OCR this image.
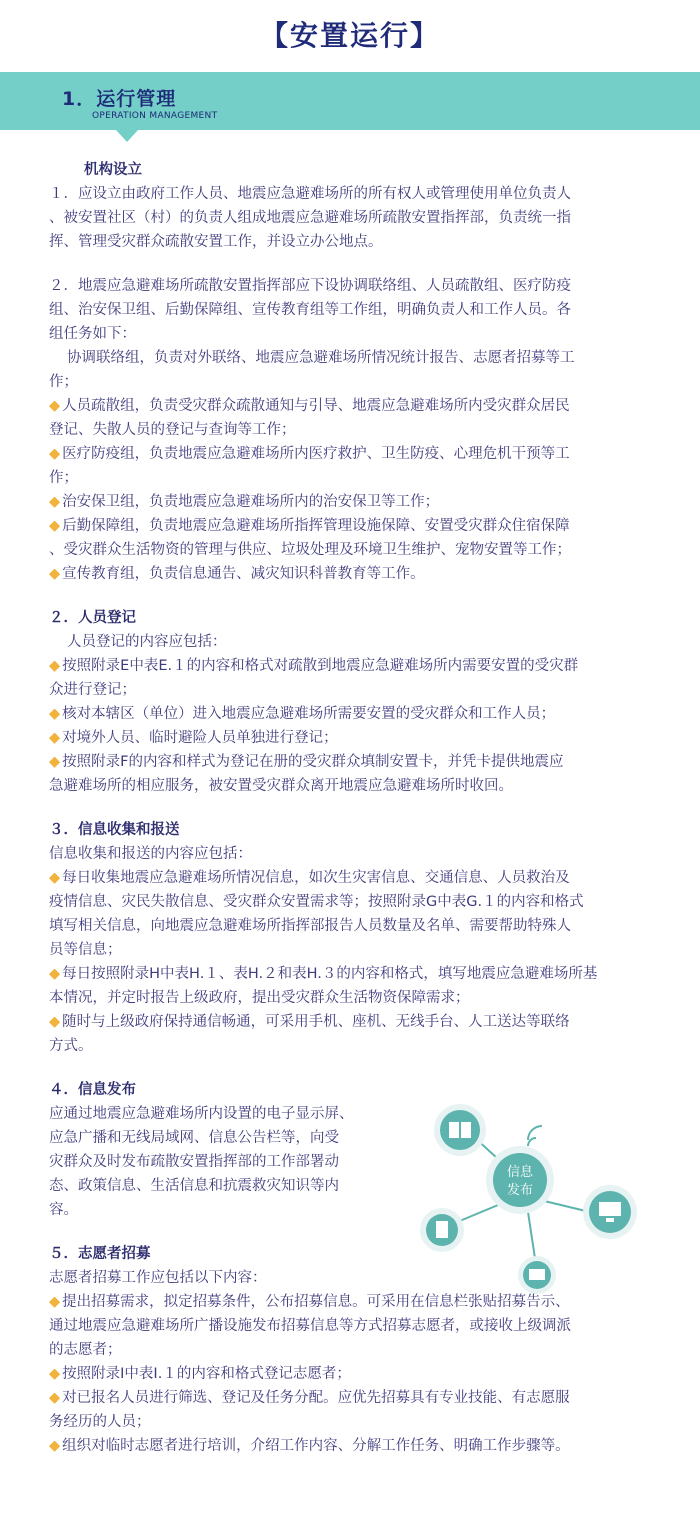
【安置运行】
1．运行管理
OPERATION MANAGEMENT
机构设立
１．应设立由政府工作人员、地震应急避难场所的所有权人或管理使用单位负责人
、被安置社区（村）的负责人组成地震应急避难场所疏散安置指挥部，负责统一指
挥、管理受灾群众疏散安置工作，并设立办公地点。
２．地震应急避难场所疏散安置指挥部应下设协调联络组、人员疏散组、医疗防疫
组、治安保卫组、后勤保障组、宣传教育组等工作组，明确负责人和工作人员。各
组任务如下：
协调联络组，负责对外联络、地震应急避难场所情况统计报告、志愿者招募等工
作；
◆ 人员疏散组，负责受灾群众疏散通知与引导、地震应急避难场所内受灾群众居民
登记、失散人员的登记与查询等工作；
◆ 医疗防疫组，负责地震应急避难场所内医疗救护、卫生防疫、心理危机干预等工
作；
◆ 治安保卫组，负责地震应急避难场所内的治安保卫等工作；
◆ 后勤保障组，负责地震应急避难场所指挥管理设施保障、安置受灾群众住宿保障
、受灾群众生活物资的管理与供应、垃圾处理及环境卫生维护、宠物安置等工作；
◆ 宣传教育组，负责信息通告、减灾知识科普教育等工作。
２．人员登记
人员登记的内容应包括：
◆ 按照附录E中表E.１的内容和格式对疏散到地震应急避难场所内需要安置的受灾群
众进行登记；
◆ 核对本辖区（单位）进入地震应急避难场所需要安置的受灾群众和工作人员；
◆ 对境外人员、临时避险人员单独进行登记；
◆ 按照附录F的内容和样式为登记在册的受灾群众填制安置卡，并凭卡提供地震应
急避难场所的相应服务，被安置受灾群众离开地震应急避难场所时收回。
３．信息收集和报送
信息收集和报送的内容应包括：
◆ 每日收集地震应急避难场所情况信息，如次生灾害信息、交通信息、人员救治及
疫情信息、灾民失散信息、受灾群众安置需求等；按照附录G中表G.１的内容和格式
填写相关信息，向地震应急避难场所指挥部报告人员数量及名单、需要帮助特殊人
员等信息；
◆ 每日按照附录H中表H.１、表H.２和表H.３的内容和格式，填写地震应急避难场所基
本情况，并定时报告上级政府，提出受灾群众生活物资保障需求；
◆ 随时与上级政府保持通信畅通，可采用手机、座机、无线手台、人工送达等联络
方式。
４．信息发布
应通过地震应急避难场所内设置的电子显示屏、
应急广播和无线局域网、信息公告栏等，向受
灾群众及时发布疏散安置指挥部的工作部署动
态、政策信息、生活信息和抗震救灾知识等内
容。
５．志愿者招募
志愿者招募工作应包括以下内容：
◆ 提出招募需求，拟定招募条件，公布招募信息。可采用在信息栏张贴招募告示、
通过地震应急避难场所广播设施发布招募信息等方式招募志愿者，或接收上级调派
的志愿者；
◆ 按照附录I中表I.１的内容和格式登记志愿者；
◆ 对已报名人员进行筛选、登记及任务分配。应优先招募具有专业技能、有志愿服
务经历的人员；
◆ 组织对临时志愿者进行培训，介绍工作内容、分解工作任务、明确工作步骤等。
信息
发布
